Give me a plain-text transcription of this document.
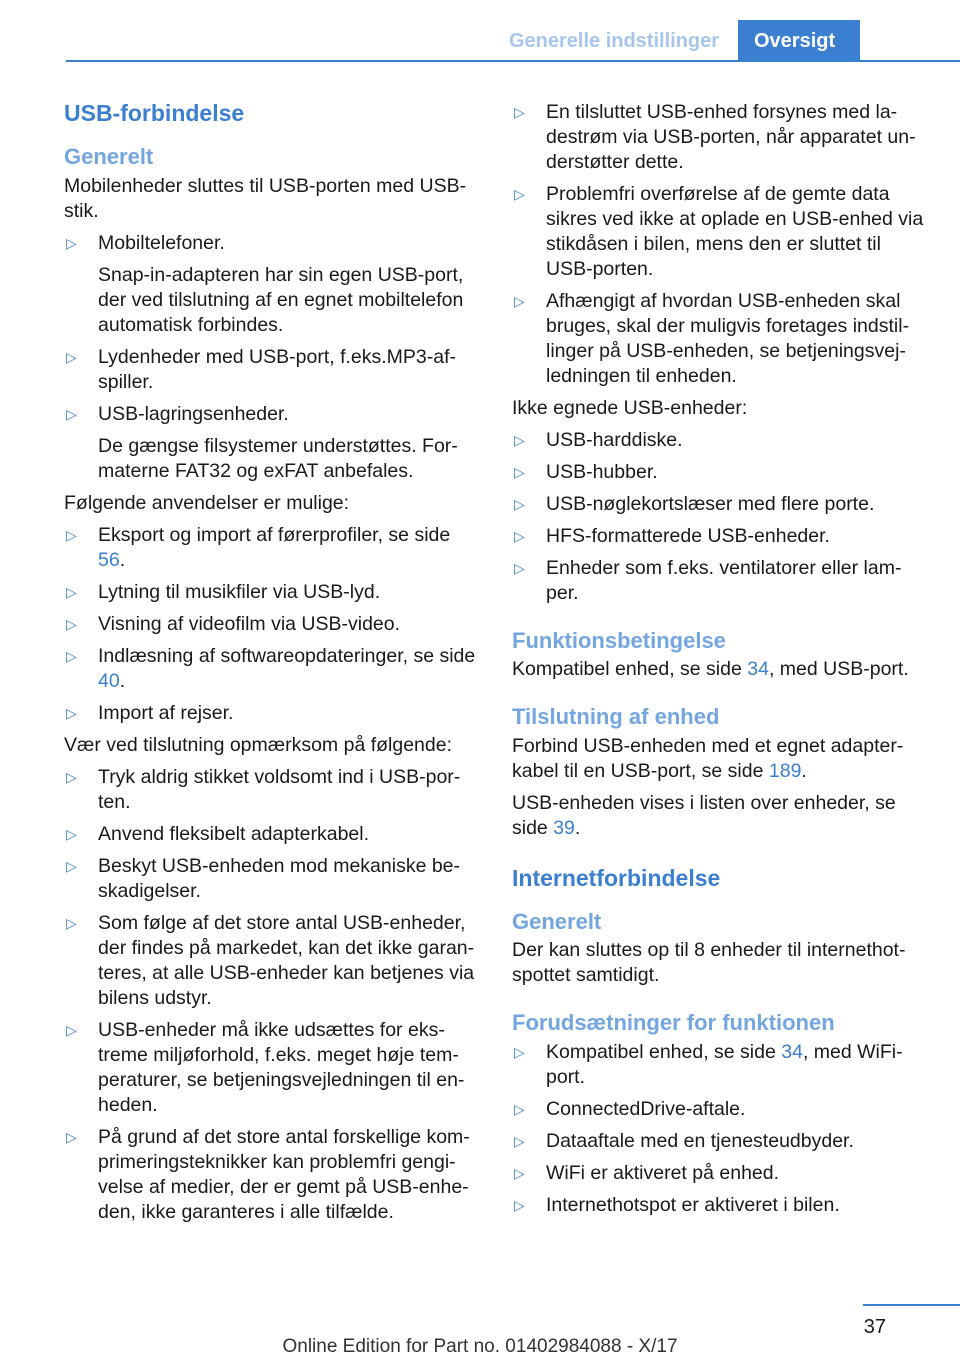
Generelle indstillinger	Oversigt
USB-forbindelse
Generelt

Mobilenheder sluttes til USB-porten med USB-stik.

▷ Mobiltelefoner.
Snap-in-adapteren har sin egen USB-port, der ved tilslutning af en egnet mobiltelefon automatisk forbindes.
▷ Lydenheder med USB-port, f.eks.MP3-af-spiller.
▷ USB-lagringsenheder.
De gængse filsystemer understøttes. For-materne FAT32 og exFAT anbefales.

Følgende anvendelser er mulige:

▷ Eksport og import af førerprofiler, se side 56.
▷ Lytning til musikfiler via USB-lyd.
▷ Visning af videofilm via USB-video.
▷ Indlæsning af softwareopdateringer, se side 40.
▷ Import af rejser.

Vær ved tilslutning opmærksom på følgende:

▷ Tryk aldrig stikket voldsomt ind i USB-por-ten.
▷ Anvend fleksibelt adapterkabel.
▷ Beskyt USB-enheden mod mekaniske be-skadigelser.
▷ Som følge af det store antal USB-enheder, der findes på markedet, kan det ikke garan-teres, at alle USB-enheder kan betjenes via bilens udstyr.
▷ USB-enheder må ikke udsættes for eks-treme miljøforhold, f.eks. meget høje tem-peraturer, se betjeningsvejledningen til en-heden.
▷ På grund af det store antal forskellige kom-primeringsteknikker kan problemfri gengi-velse af medier, der er gemt på USB-enhe-den, ikke garanteres i alle tilfælde.
▷ En tilsluttet USB-enhed forsynes med la-destrøm via USB-porten, når apparatet un-derstøtter dette.
▷ Problemfri overførelse af de gemte data sikres ved ikke at oplade en USB-enhed via stikdåsen i bilen, mens den er sluttet til USB-porten.
▷ Afhængigt af hvordan USB-enheden skal bruges, skal der muligvis foretages indstil-linger på USB-enheden, se betjeningsvej-ledningen til enheden.

Ikke egnede USB-enheder:

▷ USB-harddiske.
▷ USB-hubber.
▷ USB-nøglekortslæser med flere porte.
▷ HFS-formatterede USB-enheder.
▷ Enheder som f.eks. ventilatorer eller lam-per.
Funktionsbetingelse

Kompatibel enhed, se side 34, med USB-port.

Tilslutning af enhed

Forbind USB-enheden med et egnet adapter-kabel til en USB-port, se side 189.

USB-enheden vises i listen over enheder, se side 39.

Internetforbindelse
Generelt

Der kan sluttes op til 8 enheder til internethot-spottet samtidigt.

Forudsætninger for funktionen
▷ Kompatibel enhed, se side 34, med WiFi-port.
▷ ConnectedDrive-aftale.
▷ Dataaftale med en tjenesteudbyder.
▷ WiFi er aktiveret på enhed.
▷ Internethotspot er aktiveret i bilen.
37
Online Edition for Part no. 01402984088 - X/17
